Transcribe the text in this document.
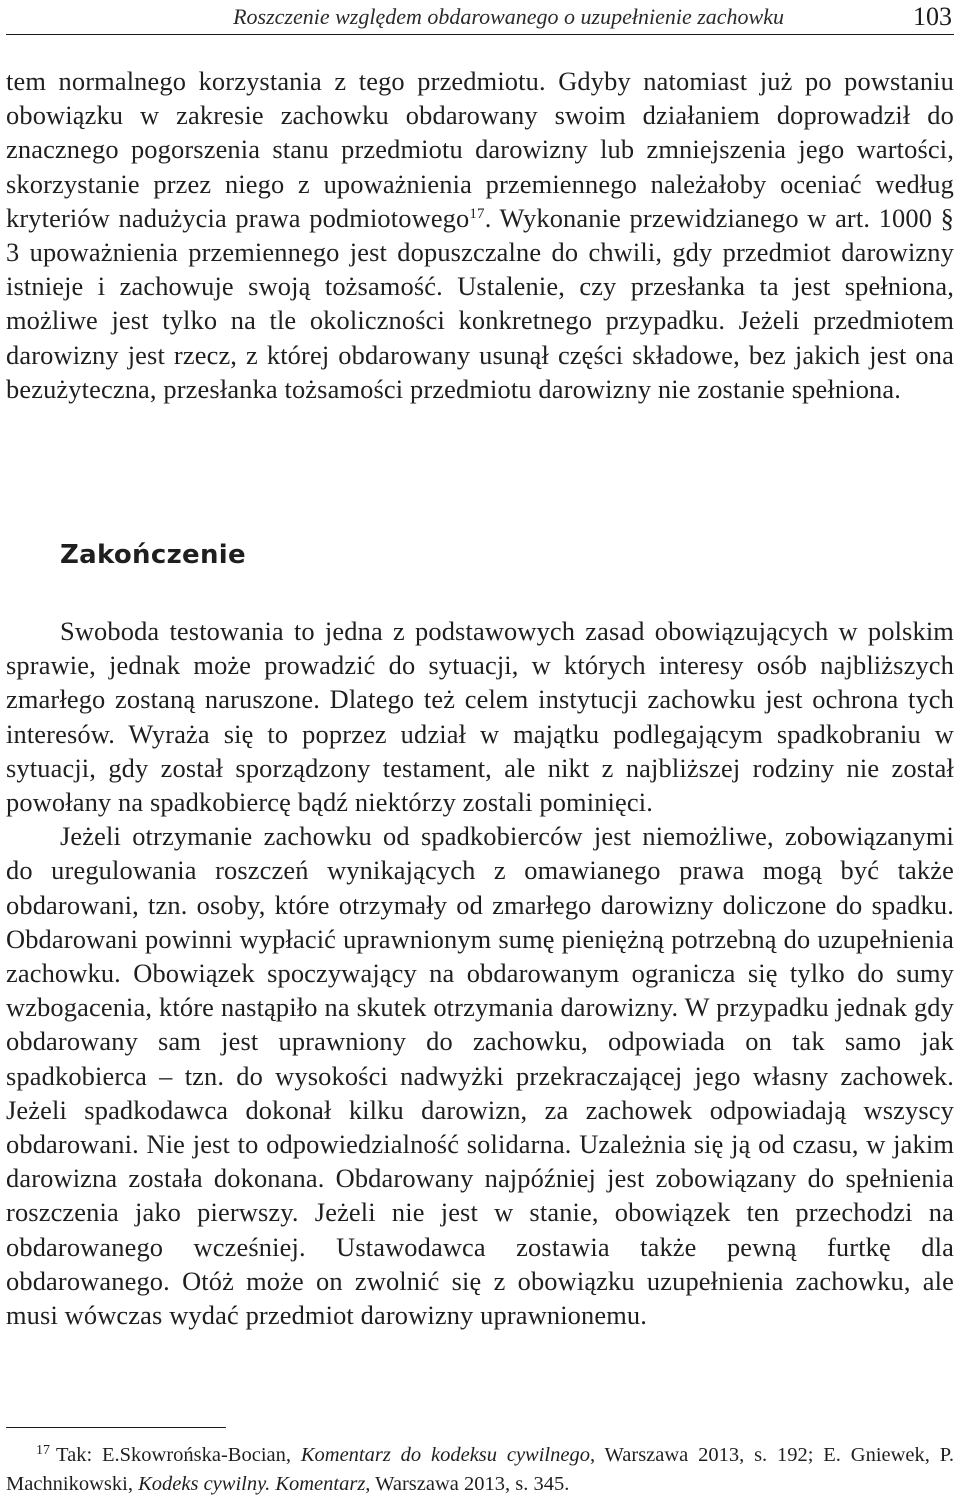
Roszczenie względem obdarowanego o uzupełnienie zachowku	103

tem normalnego korzystania z tego przedmiotu. Gdyby natomiast już po powstaniu obowiązku w zakresie zachowku obdarowany swoim działaniem doprowadził do znacznego pogorszenia stanu przedmiotu darowizny lub zmniejszenia jego wartości, skorzystanie przez niego z upoważnienia przemiennego należałoby oceniać według kryteriów nadużycia prawa podmiotowego$^{17}$. Wykonanie przewidzianego w art. 1000 § 3 upoważnienia przemiennego jest dopuszczalne do chwili, gdy przedmiot darowizny istnieje i zachowuje swoją tożsamość. Ustalenie, czy przesłanka ta jest spełniona, możliwe jest tylko na tle okoliczności konkretnego przypadku. Jeżeli przedmiotem darowizny jest rzecz, z której obdarowany usunął części składowe, bez jakich jest ona bezużyteczna, przesłanka tożsamości przedmiotu darowizny nie zostanie spełniona.

Zakończenie

Swoboda testowania to jedna z podstawowych zasad obowiązujących w polskim sprawie, jednak może prowadzić do sytuacji, w których interesy osób najbliższych zmarłego zostaną naruszone. Dlatego też celem instytucji zachowku jest ochrona tych interesów. Wyraża się to poprzez udział w majątku podlegającym spadkobraniu w sytuacji, gdy został sporządzony testament, ale nikt z najbliższej rodziny nie został powołany na spadkobiercę bądź niektórzy zostali pominięci.

Jeżeli otrzymanie zachowku od spadkobierców jest niemożliwe, zobowiązanymi do uregulowania roszczeń wynikających z omawianego prawa mogą być także obdarowani, tzn. osoby, które otrzymały od zmarłego darowizny doliczone do spadku. Obdarowani powinni wypłacić uprawnionym sumę pieniężną potrzebną do uzupełnienia zachowku. Obowiązek spoczywający na obdarowanym ogranicza się tylko do sumy wzbogacenia, które nastąpiło na skutek otrzymania darowizny. W przypadku jednak gdy obdarowany sam jest uprawniony do zachowku, odpowiada on tak samo jak spadkobierca – tzn. do wysokości nadwyżki przekraczającej jego własny zachowek. Jeżeli spadkodawca dokonał kilku darowizn, za zachowek odpowiadają wszyscy obdarowani. Nie jest to odpowiedzialność solidarna. Uzależnia się ją od czasu, w jakim darowizna została dokonana. Obdarowany najpóźniej jest zobowiązany do spełnienia roszczenia jako pierwszy. Jeżeli nie jest w stanie, obowiązek ten przechodzi na obdarowanego wcześniej. Ustawodawca zostawia także pewną furtkę dla obdarowanego. Otóż może on zwolnić się z obowiązku uzupełnienia zachowku, ale musi wówczas wydać przedmiot darowizny uprawnionemu.

17 Tak: E.Skowrońska-Bocian, Komentarz do kodeksu cywilnego, Warszawa 2013, s. 192; E. Gniewek, P. Machnikowski, Kodeks cywilny. Komentarz, Warszawa 2013, s. 345.
